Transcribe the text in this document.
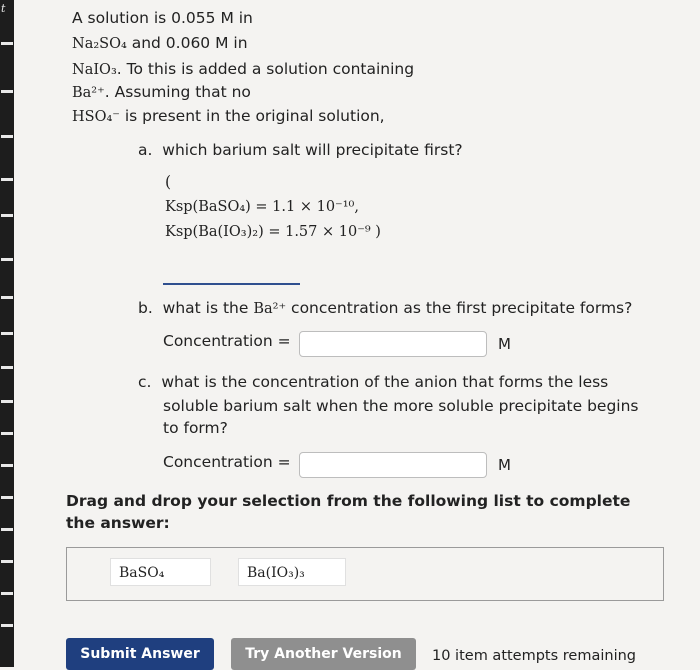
t
A solution is 0.055 M in
Na₂SO₄ and 0.060 M in
NaIO₃. To this is added a solution containing
Ba²⁺. Assuming that no
HSO₄⁻ is present in the original solution,
a. which barium salt will precipitate first?
(
Ksp(BaSO₄) = 1.1 × 10⁻¹⁰,
Ksp(Ba(IO₃)₂) = 1.57 × 10⁻⁹ )
b. what is the Ba²⁺ concentration as the first precipitate forms?
Concentration =	M
c. what is the concentration of the anion that forms the less
soluble barium salt when the more soluble precipitate begins
to form?
Concentration =	M
Drag and drop your selection from the following list to complete
the answer:
BaSO₄	Ba(IO₃)₃
Submit Answer	Try Another Version	10 item attempts remaining
